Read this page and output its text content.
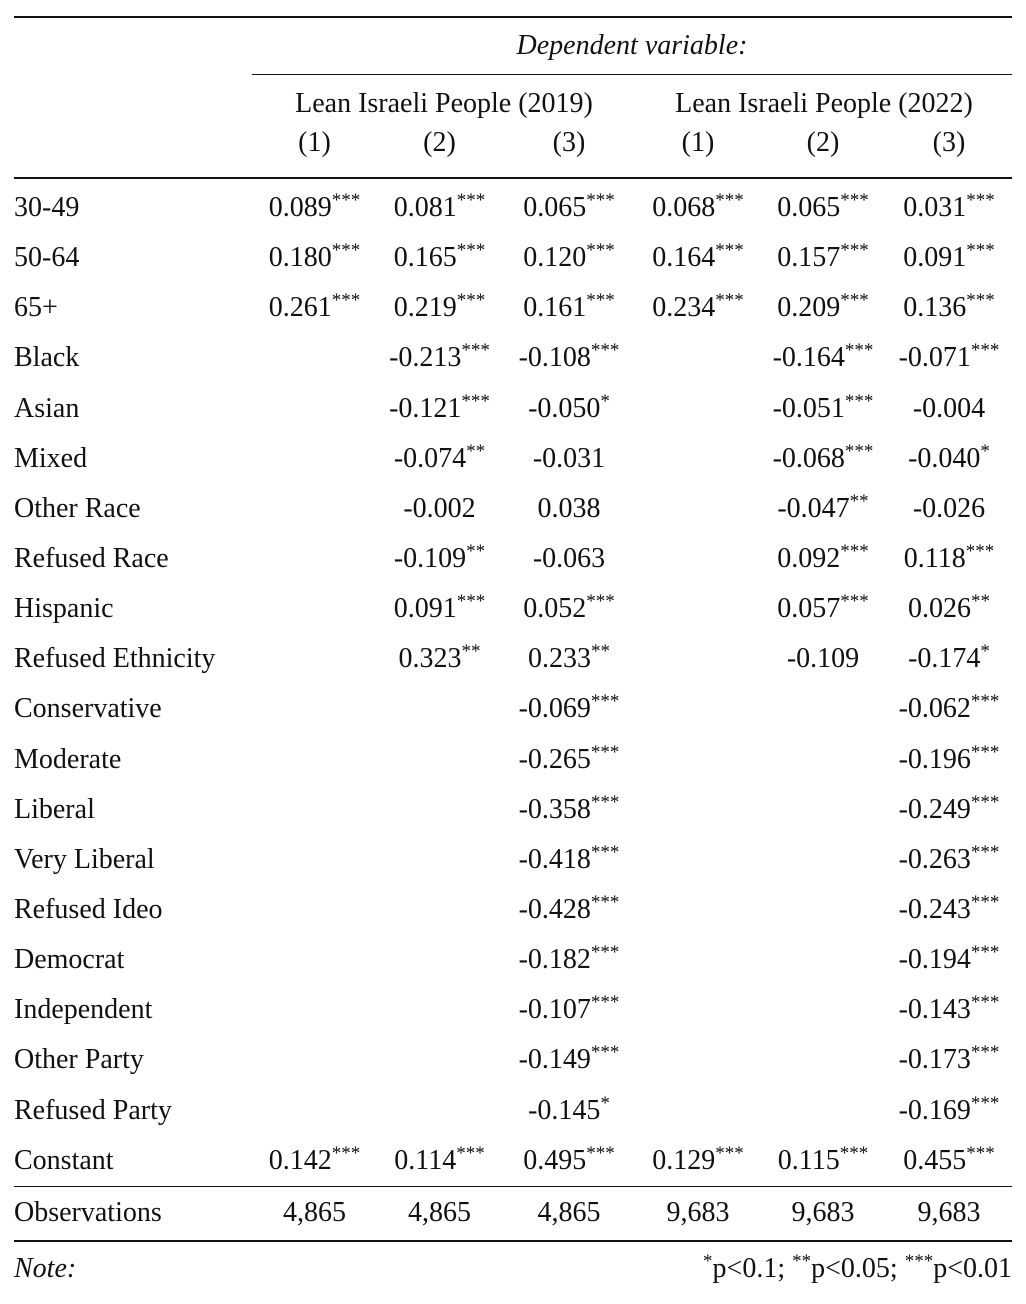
	Dependent variable:					
	Lean Israeli People (2019)			Lean Israeli People (2022)		
	(1)	(2)	(3)	(1)	(2)	(3)
30-49	0.089***	0.081***	0.065***	0.068***	0.065***	0.031***
50-64	0.180***	0.165***	0.120***	0.164***	0.157***	0.091***
65+	0.261***	0.219***	0.161***	0.234***	0.209***	0.136***
Black		-0.213***	-0.108***		-0.164***	-0.071***
Asian		-0.121***	-0.050*		-0.051***	-0.004
Mixed		-0.074**	-0.031		-0.068***	-0.040*
Other Race		-0.002	0.038		-0.047**	-0.026
Refused Race		-0.109**	-0.063		0.092***	0.118***
Hispanic		0.091***	0.052***		0.057***	0.026**
Refused Ethnicity		0.323**	0.233**		-0.109	-0.174*
Conservative			-0.069***			-0.062***
Moderate			-0.265***			-0.196***
Liberal			-0.358***			-0.249***
Very Liberal			-0.418***			-0.263***
Refused Ideo			-0.428***			-0.243***
Democrat			-0.182***			-0.194***
Independent			-0.107***			-0.143***
Other Party			-0.149***			-0.173***
Refused Party			-0.145*			-0.169***
Constant	0.142***	0.114***	0.495***	0.129***	0.115***	0.455***
Observations	4,865	4,865	4,865	9,683	9,683	9,683
Note:	*p<0.1; **p<0.05; ***p<0.01					
